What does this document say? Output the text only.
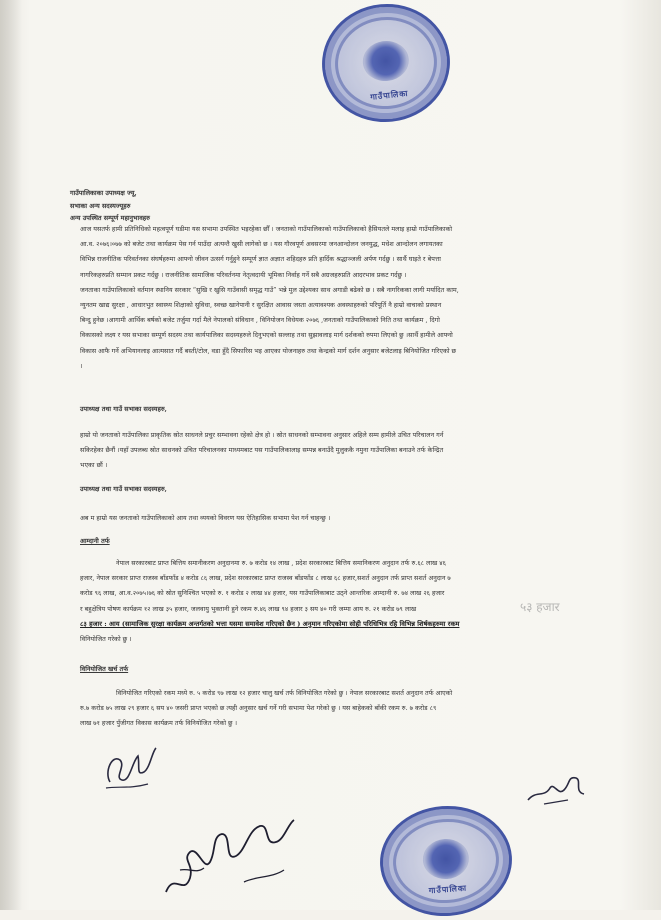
गाउँपालिका
गाउँपालिकाका उपाध्यक्ष ज्यू,
सभाका अन्य सदस्यज्यूहरु
अन्य उपस्थित सम्पूर्ण महानुभावहरु
आज यसतर्फ हामी प्रतिनिधिको महत्वपूर्ण घडीमा यस सभामा उपस्थित भइरहेका छौँ । जनताको गाउँपालिकाको गाउँपालिकाको हैसियतले मलाइ हाम्रो गाउँपालिकाको
आ.व. २०७६।०७७ को बजेट तथा कार्यक्रम पेस गर्न पाउँदा अत्यन्तै खुसी लागेको छ । यस गौरवपूर्ण अवसरमा जनआन्दोलन जनयुद्ध, मधेश आन्दोलन लगायतका
विभिन्न राजनीतिक परिवर्तनका संघर्षहरुमा आफ्नो जीवन उत्सर्ग गर्नुहुने सम्पूर्ण ज्ञात अज्ञात शहिदहरु प्रति हार्दिक श्रद्धाञ्जली अर्पण गर्दछु । सार्थै घाइते र बेपत्ता
नागरिकहरुप्रति सम्मान प्रकट गर्दछु । राजनीतिक सामाजिक परिवर्तनमा नेतृत्वदायी भूमिका निर्वाह गर्ने सबै अग्रजहरुप्रति आदरभाव प्रकट गर्दछु ।
जनताका गाउँपालिकाको वर्तमान स्थानिय सरकार “सुखि र खुसि गाउँवासी समृद्ध गाउँ” भन्ने मुल उद्देश्यका साथ अगाडी बढेको छ । सबै नागरिकका लागी मर्यादित काम,
न्युनतम खाद्य सुरक्षा , आधारभुत स्वास्थ्य शिक्षाको सुविधा, स्वच्छ खानेपानी र सुरक्षित आवास जस्ता अत्यावश्यक अवस्थाहरुको परिपूर्ति नै हाम्रो वाचाको प्रस्थान
बिन्दु हुनेछ ।आगामी आर्थिक बर्षको बजेट तर्जुमा गर्दा मैले नेपालको संविधान , विनियोजन विधेयक २०७६ ,जनताको गाउँपालिकाको निति तथा कार्यक्रम , दिगो
विकासको लक्ष्य र यस सभाका सम्पूर्ण सदस्य तथा कार्यपालिका सदस्यहरुले दिनुभएको सल्लाह तथा सुझावलाइ मार्ग दर्शकको रुपमा लिएको छु ।सार्थै हामीले आफ्नो
विकास आफै गर्ने अभियानलाइ आत्मसात गर्दै बस्ती/टोल, वडा हुँदै सिफारिस भइ आएका योजनाहरु तथा केन्द्रको मार्ग दर्शन अनुसार बजेटलाइ बिनियोजित गरिएको छ
।
उपाध्यक्ष तथा गाउँ सभाका सदस्यहरु,
हाम्रो यो जनताको गाउँपालिका प्राकृतिक स्रोत साधनले प्रचुर सम्भावना रहेको क्षेत्र हो । स्रोत साधनको सम्भावना अनुसार अहिले सम्म हामीले उचित परिचालन गर्न
सकिरहेका छैनौं ।यहाँ उपलब्ध स्रोत साधनको उचित परिचालनका माध्यमबाट यस गाउँपालिकालाइ सम्पन्न बनाउँदै मुलुककै नमुना गाउँपालिका बनाउने तर्फ केन्द्रित
भएका छौं ।
उपाध्यक्ष तथा गाउँ सभाका सदस्यहरु,
अब म हाम्रो यस जनताको गाउँपालिकाको आय तथा व्ययको विवरण यस ऐतिहासिक सभामा पेश गर्न चाहन्छु ।
आम्दानी तर्फ
नेपाल सरकारबाट प्राप्त बित्तिय समानीकरण अनुदानमा रु. ७ करोड १४ लाख , प्रदेश सरकारबाट बित्तिय समानिकरण अनुदान तर्फ रु.६८ लाख ४६
हजार, नेपाल सरकार प्राप्त राजस्व बाँडफाँड ४ करोड ८६ लाख, प्रदेश सरकारबाट प्राप्त राजस्व बाँडफाँड ८ लाख ६८ हजार,सशर्त अनुदान तर्फ प्राप्त सशर्त अनुदान ७
करोड ९६ लाख, आ.व.२०७५।७६ को स्रोत सुनिश्चित भएको रु. १ करोड २ लाख ४४ हजार, यस गाउँपालिकाबाट उठ्ने आन्तरिक आम्दानी रु. ७४ लाख २६ हजार
र बहुक्षेत्रिय पोषण कार्यक्रम १२ लाख ३५ हजार, जलवायु भुक्तानी हुने रकम रु.४६ लाख ९४ हजार ३ सय ४० गरी जम्मा आय रु. २१ करोड ७९ लाख
८३ हजार : आय (सामाजिक सुरक्षा कार्यक्रम अन्तर्गतको भत्ता यसमा समावेश गरिएको छैन ) अनुमान गरिएकोमा सोही परिधिभित्र रहि विभिन्न शिर्षकहरुमा रकम
विनियोजित गरेको छु ।
५३ हजार
विनियोजित खर्च तर्फ
विनियोजित गरिएको रकम मध्ये रु. ५ करोड ९७ लाख १२ हजार चालु खर्च तर्फ विनियोजित गरेको छु । नेपाल सरकारबाट सशर्त अनुदान तर्फ आएको
रु.७ करोड ७५ लाख २९ हजार ६ सय ४० जसरी प्राप्त भएको छ त्यही अनुसार खर्च गर्ने गरी सभामा पेश गरेको छु । यस बाहेकको बाँकी रकम रु. ७ करोड ८९
लाख ७१ हजार पुँजीगत विकास कार्यक्रम तर्फ विनियोजित गरेको छु ।
गाउँपालिका
